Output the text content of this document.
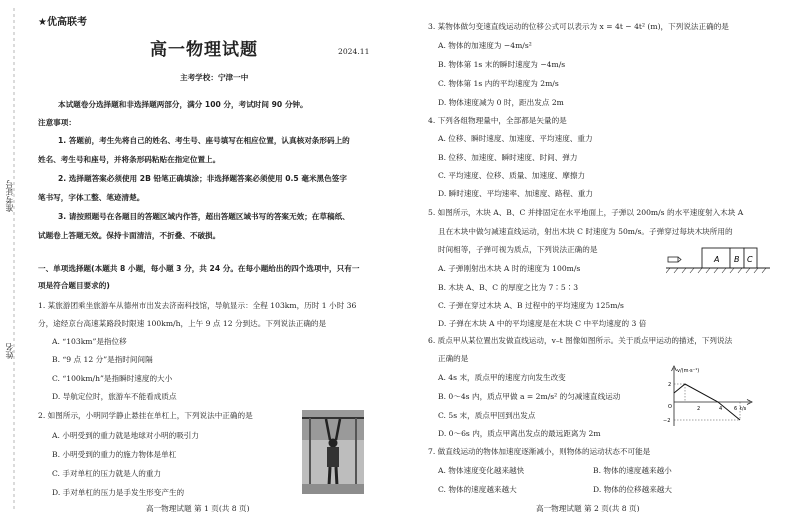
准考证号
姓名
★优高联考
高一物理试题	2024.11
主考学校：宁津一中
本试题卷分选择题和非选择题两部分，满分 100 分，考试时间 90 分钟。
注意事项：
1. 答题前，考生先将自己的姓名、考生号、座号填写在相应位置，认真核对条形码上的
姓名、考生号和座号，并将条形码粘贴在指定位置上。
2. 选择题答案必须使用 2B 铅笔正确填涂；非选择题答案必须使用 0.5 毫米黑色签字
笔书写，字体工整、笔迹清楚。
3. 请按照题号在各题目的答题区域内作答，超出答题区域书写的答案无效；在草稿纸、
试题卷上答题无效。保持卡面清洁，不折叠、不破损。
一、单项选择题(本题共 8 小题，每小题 3 分，共 24 分。在每小题给出的四个选项中，只有一
项是符合题目要求的)
1. 某旅游团乘坐旅游车从德州市出发去济南科技馆，导航显示：全程 103km，历时 1 小时 36
分，途经京台高速某路段时限速 100km/h，上午 9 点 12 分到达。下列说法正确的是
A. “103km”是指位移
B. “9 点 12 分”是指时间间隔
C. “100km/h”是指瞬时速度的大小
D. 导航定位时，旅游车不能看成质点
2. 如图所示，小明同学静止悬挂在单杠上，下列说法中正确的是
A. 小明受到的重力就是地球对小明的吸引力
B. 小明受到的重力的施力物体是单杠
C. 手对单杠的压力就是人的重力
D. 手对单杠的压力是手发生形变产生的
高一物理试题 第 1 页(共 8 页)
3. 某物体做匀变速直线运动的位移公式可以表示为 x = 4t − 4t² (m)，下列说法正确的是
A. 物体的加速度为 −4m/s²
B. 物体第 1s 末的瞬时速度为 −4m/s
C. 物体第 1s 内的平均速度为 2m/s
D. 物体速度减为 0 时，距出发点 2m
4. 下列各组物理量中，全部都是矢量的是
A. 位移、瞬时速度、加速度、平均速度、重力
B. 位移、加速度、瞬时速度、时间、弹力
C. 平均速度、位移、质量、加速度、摩擦力
D. 瞬时速度、平均速率、加速度、路程、重力
5. 如图所示，木块 A、B、C 并排固定在水平地面上，子弹以 200m/s 的水平速度射入木块 A
且在木块中做匀减速直线运动，射出木块 C 时速度为 50m/s。子弹穿过每块木块所用的
时间相等，子弹可视为质点，下列说法正确的是
A. 子弹刚射出木块 A 时的速度为 100m/s
B. 木块 A、B、C 的厚度之比为 7∶5∶3
C. 子弹在穿过木块 A、B 过程中的平均速度为 125m/s
D. 子弹在木块 A 中的平均速度是在木块 C 中平均速度的 3 倍
A B C
6. 质点甲从某位置出发做直线运动，v–t 图像如图所示。关于质点甲运动的描述，下列说法
正确的是
A. 4s 末，质点甲的速度方向发生改变
B. 0～4s 内，质点甲做 a = 2m/s² 的匀减速直线运动
C. 5s 末，质点甲回到出发点
D. 0～6s 内，质点甲离出发点的最远距离为 2m
v/(m·s⁻¹)
t/s
O
2
−2
2	4 6
7. 做直线运动的物体加速度逐渐减小，则物体的运动状态不可能是
A. 物体速度变化越来越快	B. 物体的速度越来越小
C. 物体的速度越来越大	D. 物体的位移越来越大
高一物理试题 第 2 页(共 8 页)
